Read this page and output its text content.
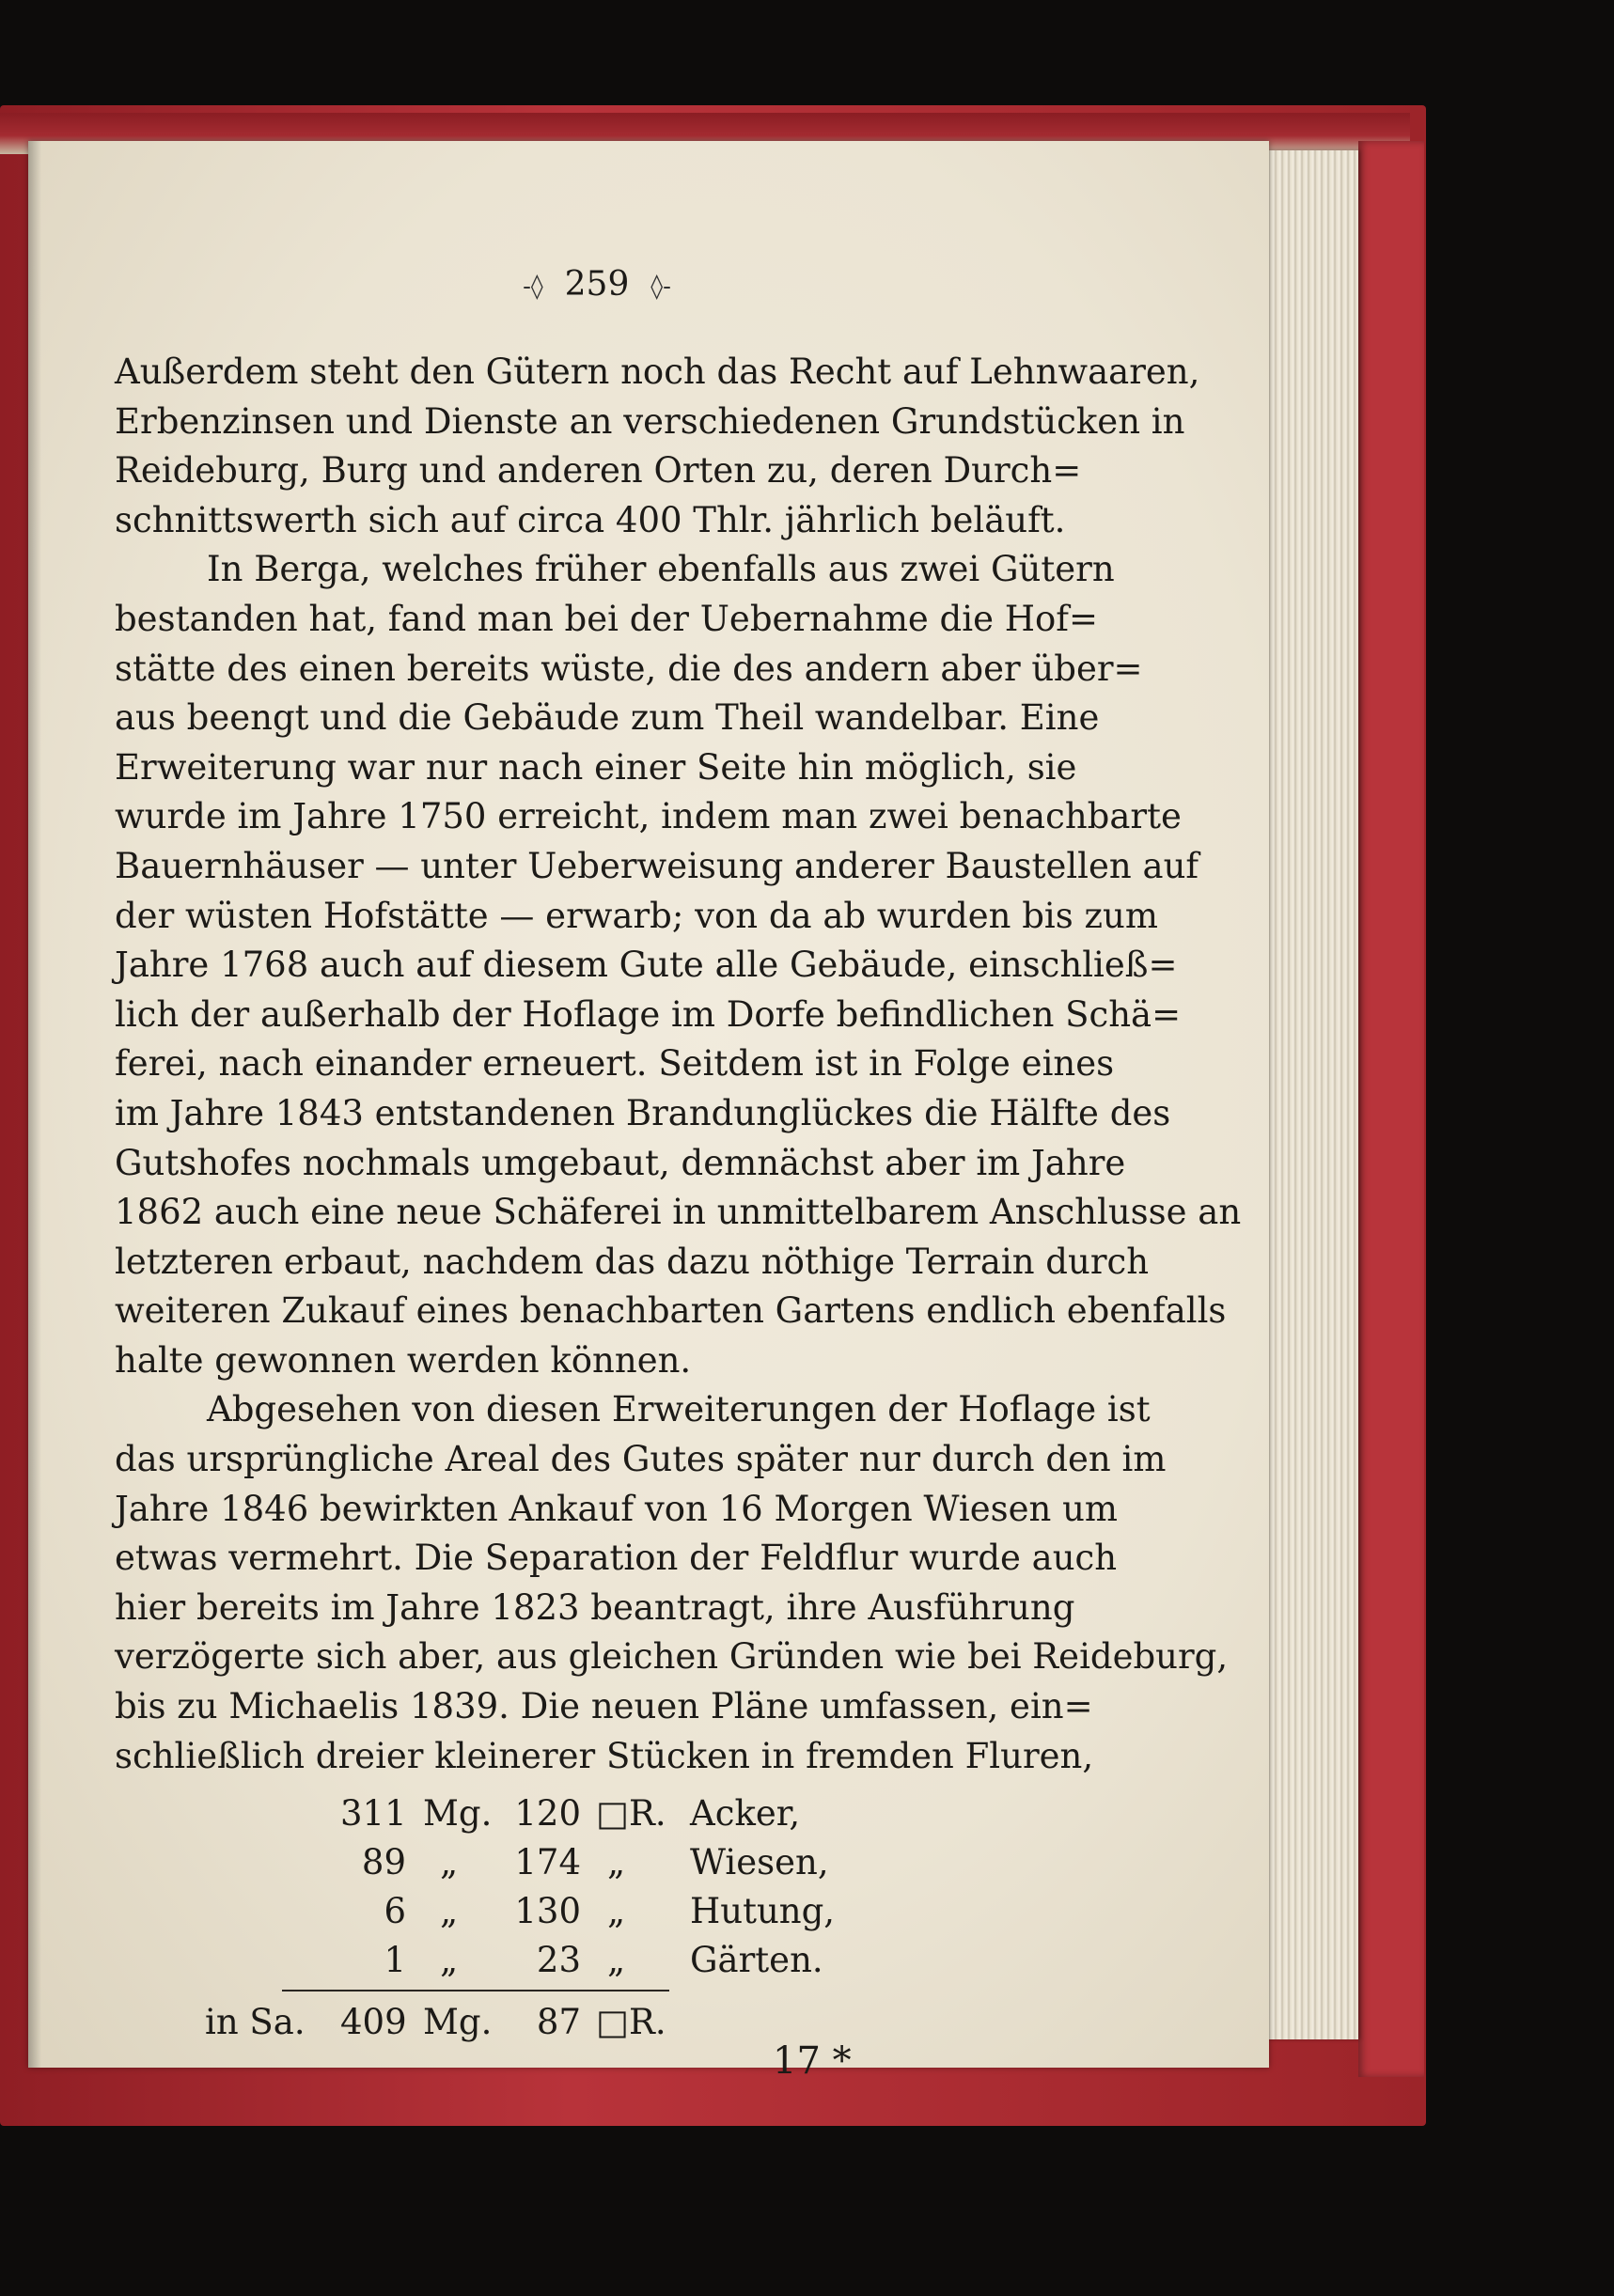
-◊ 259 ◊-
Außerdem steht den Gütern noch das Recht auf Lehnwaaren,
Erbenzinsen und Dienste an verschiedenen Grundstücken in
Reideburg, Burg und anderen Orten zu, deren Durch=
schnittswerth sich auf circa 400 Thlr. jährlich beläuft.
In Berga, welches früher ebenfalls aus zwei Gütern
bestanden hat, fand man bei der Uebernahme die Hof=
stätte des einen bereits wüste, die des andern aber über=
aus beengt und die Gebäude zum Theil wandelbar. Eine
Erweiterung war nur nach einer Seite hin möglich, sie
wurde im Jahre 1750 erreicht, indem man zwei benachbarte
Bauernhäuser — unter Ueberweisung anderer Baustellen auf
der wüsten Hofstätte — erwarb; von da ab wurden bis zum
Jahre 1768 auch auf diesem Gute alle Gebäude, einschließ=
lich der außerhalb der Hoflage im Dorfe befindlichen Schä=
ferei, nach einander erneuert. Seitdem ist in Folge eines
im Jahre 1843 entstandenen Brandunglückes die Hälfte des
Gutshofes nochmals umgebaut, demnächst aber im Jahre
1862 auch eine neue Schäferei in unmittelbarem Anschlusse an
letzteren erbaut, nachdem das dazu nöthige Terrain durch
weiteren Zukauf eines benachbarten Gartens endlich ebenfalls
halte gewonnen werden können.
Abgesehen von diesen Erweiterungen der Hoflage ist
das ursprüngliche Areal des Gutes später nur durch den im
Jahre 1846 bewirkten Ankauf von 16 Morgen Wiesen um
etwas vermehrt. Die Separation der Feldflur wurde auch
hier bereits im Jahre 1823 beantragt, ihre Ausführung
verzögerte sich aber, aus gleichen Gründen wie bei Reideburg,
bis zu Michaelis 1839. Die neuen Pläne umfassen, ein=
schließlich dreier kleinerer Stücken in fremden Fluren,
311 Mg. 120 □R. Acker,
89 „ 174 „ Wiesen,
6 „ 130 „ Hutung,
1 „	23 „ Gärten.
in Sa. 409 Mg.	87 □R.
17 *
